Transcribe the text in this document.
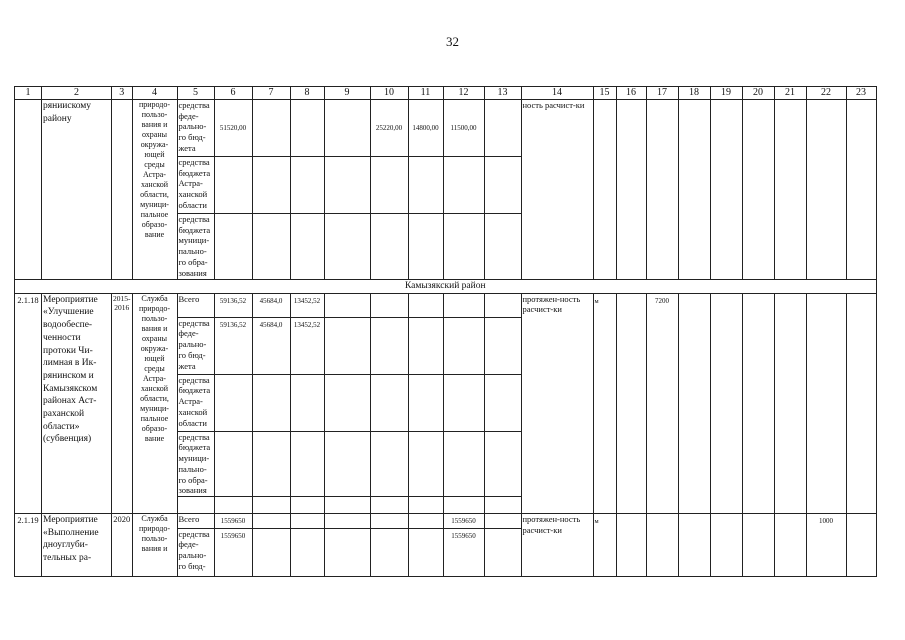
32
1	2	3	4	5	6	7	8	9	10	11	12	13	14	15	16	17	18	19	20	21	22	23
	ряниискому районy		природо-пользо-вания и охраны окружа-ющей среды Астра-ханской области, муници-пальное образо-вание	средства феде-рально-го бюд-жета	51520,00				25220,00	14800,00	11500,00		ность расчист-ки									
				средства бюджета Астра-ханской области																		
				средства бюджета муници-пально-го обра-зования																		
Камызякский район																						
2.1.18	Мероприятие «Улучшение водообеспе-ченности протоки Чи-лимная в Ик-рянинском и Камызякском районах Аст-раханской области» (субвенция)	2015-2016	Служба природо-пользо-вания и охраны окружа-ющей среды Астра-ханской области, муници-пальное образо-вание	Всего	59136,52	45684,0	13452,52						протяжен-ность расчист-ки	м		7200						
				средства феде-рально-го бюд-жета	59136,52	45684,0	13452,52															
				средства бюджета Астра-ханской области																		
				средства бюджета муници-пально-го обра-зования																		

2.1.19	Мероприятие «Выполнение дноуглуби-тельных ра-	2020	Служба природо-пользо-вания и	Всего	1559650						1559650		протяжен-ность расчист-ки	м							1000	
				средства феде-рально-го бюд-	1559650						1559650											
